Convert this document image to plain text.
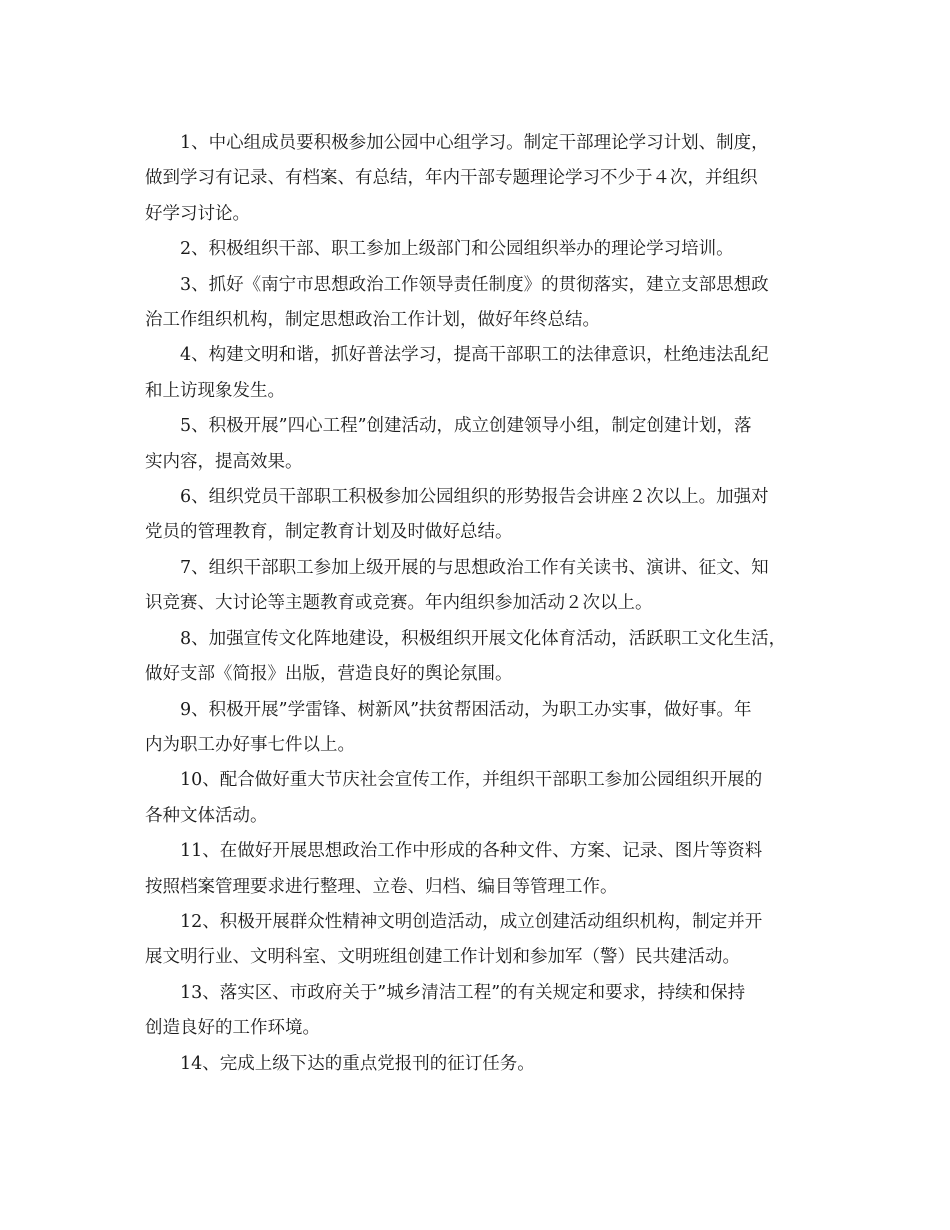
1、中心组成员要积极参加公园中心组学习。制定干部理论学习计划、制度，
做到学习有记录、有档案、有总结，年内干部专题理论学习不少于４次，并组织
好学习讨论。
2、积极组织干部、职工参加上级部门和公园组织举办的理论学习培训。
3、抓好《南宁市思想政治工作领导责任制度》的贯彻落实，建立支部思想政
治工作组织机构，制定思想政治工作计划，做好年终总结。
4、构建文明和谐，抓好普法学习，提高干部职工的法律意识，杜绝违法乱纪
和上访现象发生。
5、积极开展”四心工程”创建活动，成立创建领导小组，制定创建计划，落
实内容，提高效果。
6、组织党员干部职工积极参加公园组织的形势报告会讲座２次以上。加强对
党员的管理教育，制定教育计划及时做好总结。
7、组织干部职工参加上级开展的与思想政治工作有关读书、演讲、征文、知
识竞赛、大讨论等主题教育或竞赛。年内组织参加活动２次以上。
8、加强宣传文化阵地建设，积极组织开展文化体育活动，活跃职工文化生活，
做好支部《简报》出版，营造良好的舆论氛围。
9、积极开展”学雷锋、树新风”扶贫帮困活动，为职工办实事，做好事。年
内为职工办好事七件以上。
10、配合做好重大节庆社会宣传工作，并组织干部职工参加公园组织开展的
各种文体活动。
11、在做好开展思想政治工作中形成的各种文件、方案、记录、图片等资料
按照档案管理要求进行整理、立卷、归档、编目等管理工作。
12、积极开展群众性精神文明创造活动，成立创建活动组织机构，制定并开
展文明行业、文明科室、文明班组创建工作计划和参加军（警）民共建活动。
13、落实区、市政府关于”城乡清洁工程”的有关规定和要求，持续和保持
创造良好的工作环境。
14、完成上级下达的重点党报刊的征订任务。
